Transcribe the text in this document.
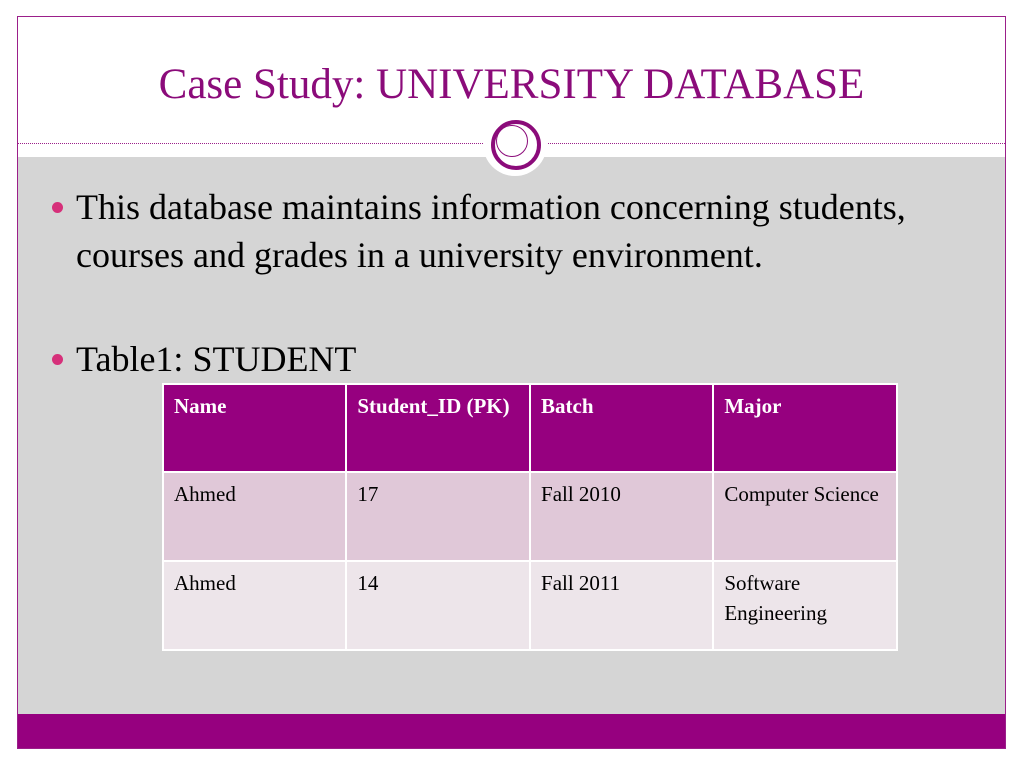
Case Study: UNIVERSITY DATABASE
This database maintains information concerning students, courses and grades in a university environment.
Table1: STUDENT
Name	Student_ID (PK)	Batch	Major
Ahmed	17	Fall 2010	Computer Science
Ahmed	14	Fall 2011	Software Engineering
